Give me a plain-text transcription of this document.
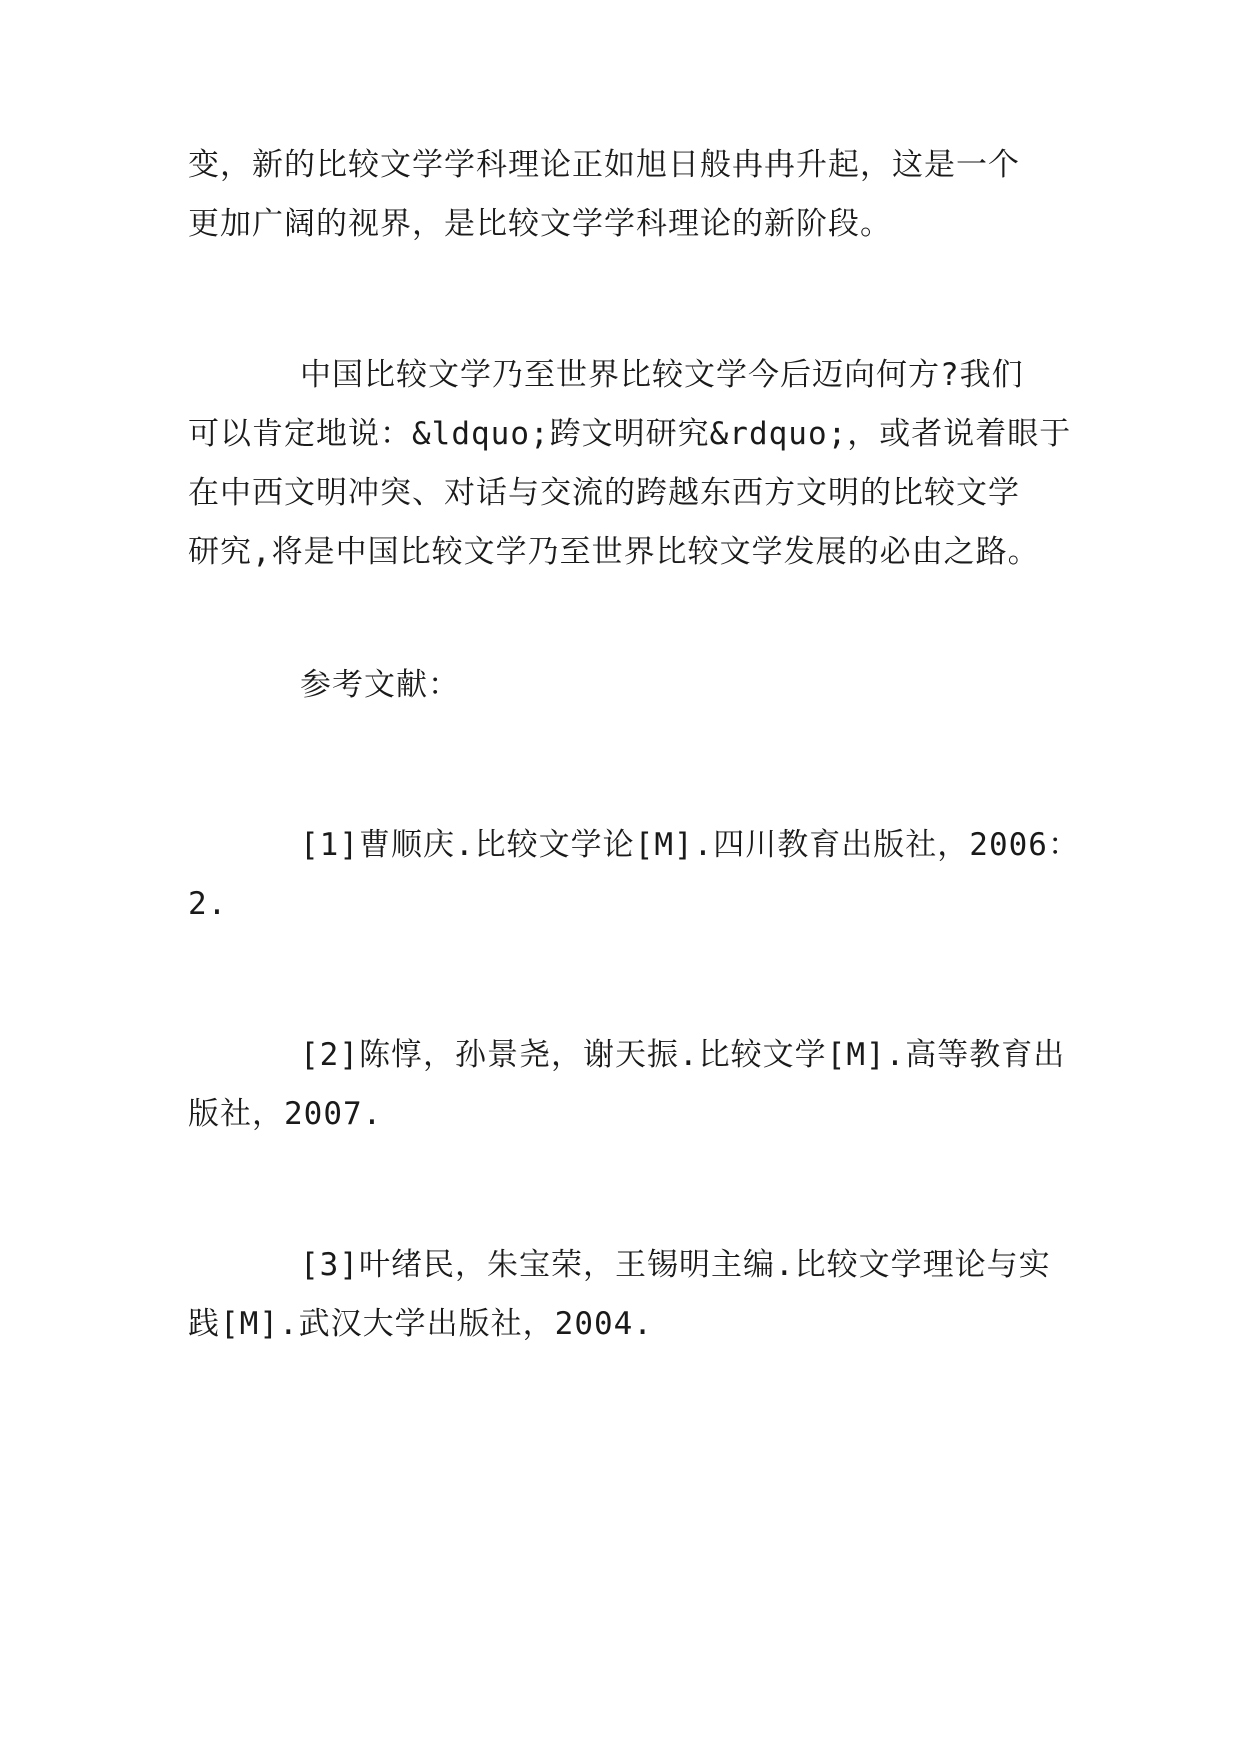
变，新的比较文学学科理论正如旭日般冉冉升起，这是一个
更加广阔的视界，是比较文学学科理论的新阶段。
中国比较文学乃至世界比较文学今后迈向何方?我们
可以肯定地说：&ldquo;跨文明研究&rdquo;，或者说着眼于
在中西文明冲突、对话与交流的跨越东西方文明的比较文学
研究,将是中国比较文学乃至世界比较文学发展的必由之路。
参考文献：
[1]曹顺庆.比较文学论[M].四川教育出版社，2006：
2.
[2]陈惇，孙景尧，谢天振.比较文学[M].高等教育出
版社，2007.
[3]叶绪民，朱宝荣，王锡明主编.比较文学理论与实
践[M].武汉大学出版社，2004.
